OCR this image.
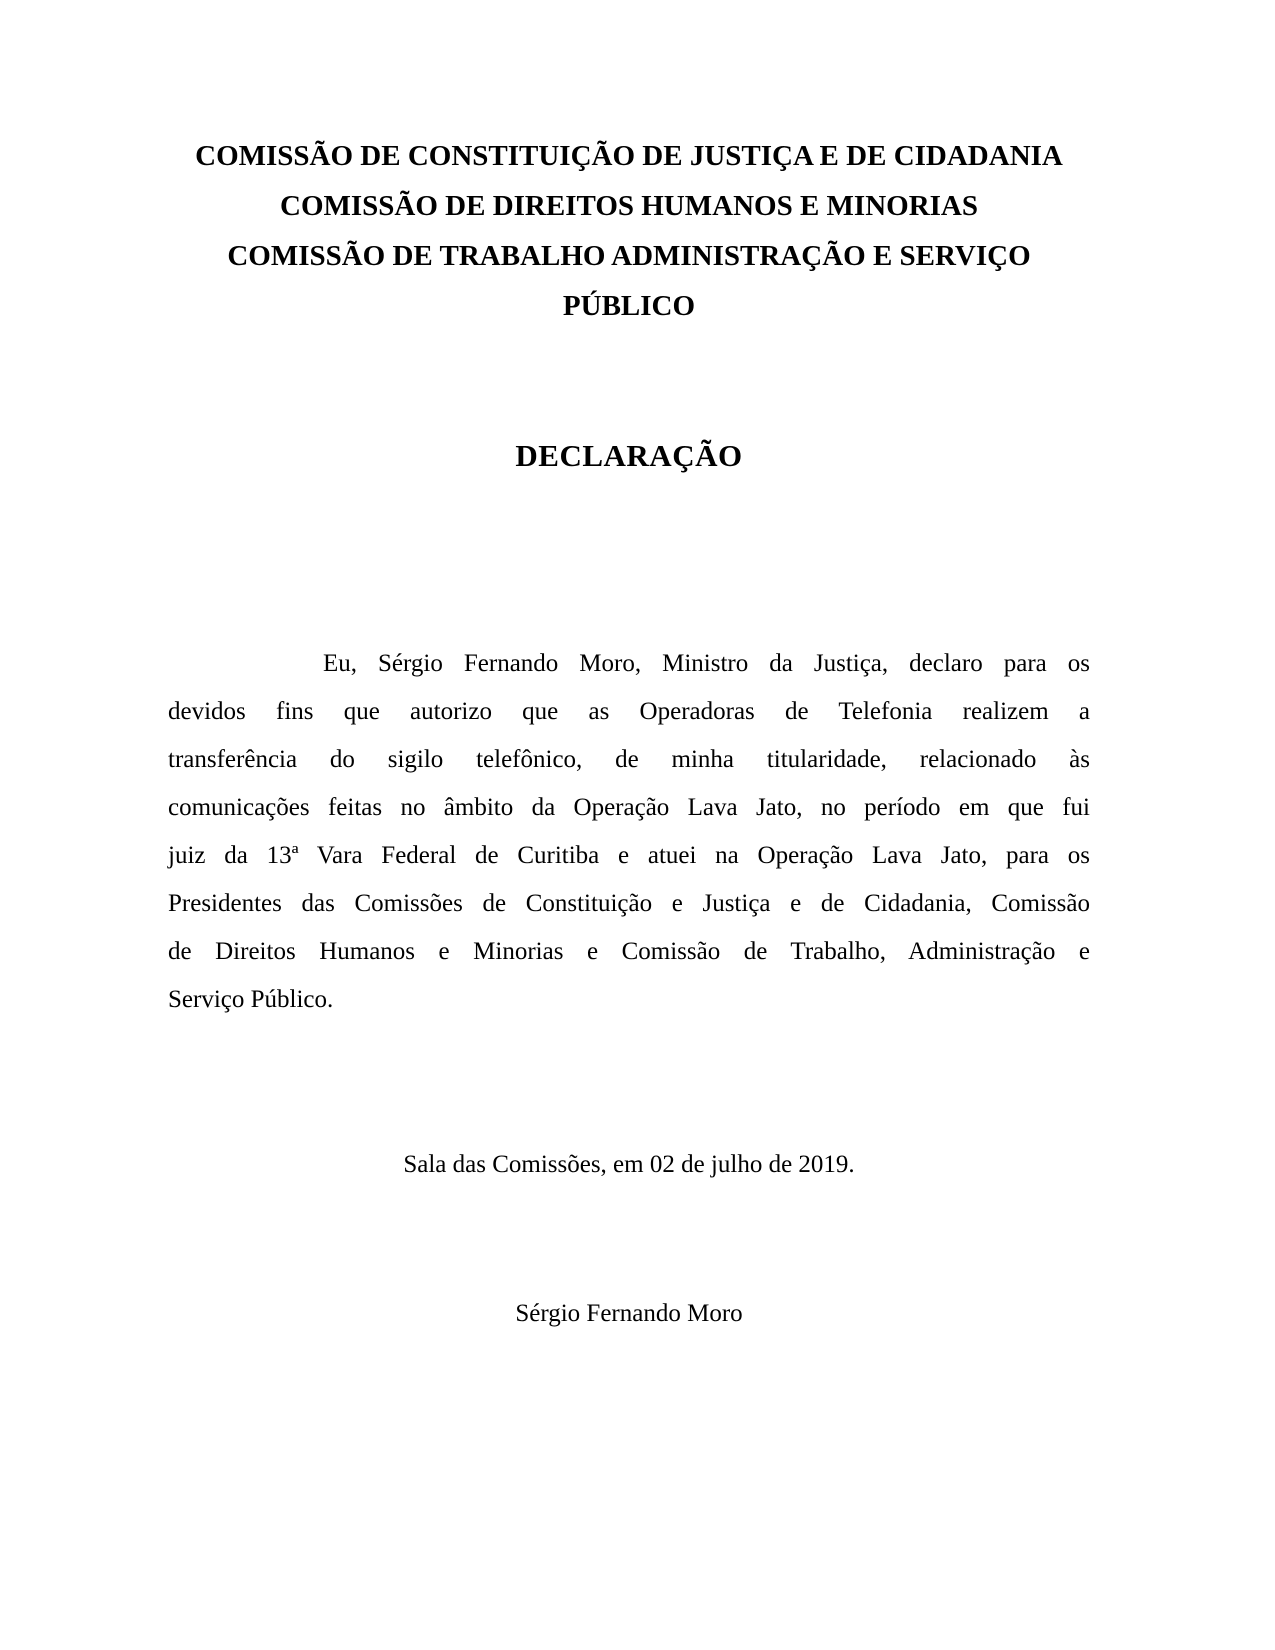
COMISSÃO DE CONSTITUIÇÃO DE JUSTIÇA E DE CIDADANIA
COMISSÃO DE DIREITOS HUMANOS E MINORIAS
COMISSÃO DE TRABALHO ADMINISTRAÇÃO E SERVIÇO
PÚBLICO
DECLARAÇÃO
Eu, Sérgio Fernando Moro, Ministro da Justiça, declaro para os
devidos fins que autorizo que as Operadoras de Telefonia realizem a
transferência do sigilo telefônico, de minha titularidade, relacionado às
comunicações feitas no âmbito da Operação Lava Jato, no período em que fui
juiz da 13ª Vara Federal de Curitiba e atuei na Operação Lava Jato, para os
Presidentes das Comissões de Constituição e Justiça e de Cidadania, Comissão
de Direitos Humanos e Minorias e Comissão de Trabalho, Administração e
Serviço Público.
Sala das Comissões, em 02 de julho de 2019.
Sérgio Fernando Moro
